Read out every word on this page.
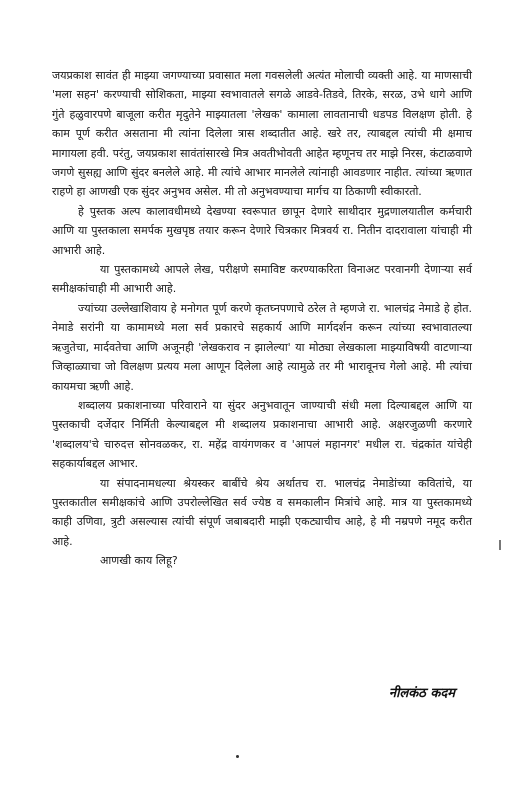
जयप्रकाश सावंत ही माझ्या जगण्याच्या प्रवासात मला गवसलेली अत्यंत मोलाची व्यक्ती आहे. या माणसाची 'मला सहन' करण्याची सोशिकता, माझ्या स्वभावातले सगळे आडवे-तिडवे, तिरके, सरळ, उभे धागे आणि गुंते हळुवारपणे बाजूला करीत मृदुतेने माझ्यातला 'लेखक' कामाला लावतानाची धडपड विलक्षण होती. हे काम पूर्ण करीत असताना मी त्यांना दिलेला त्रास शब्दातीत आहे. खरे तर, त्याबद्दल त्यांची मी क्षमाच मागायला हवी. परंतु, जयप्रकाश सावंतांसारखे मित्र अवतीभोवती आहेत म्हणूनच तर माझे निरस, कंटाळवाणे जगणे सुसह्य आणि सुंदर बनलेले आहे. मी त्यांचे आभार मानलेले त्यांनाही आवडणार नाहीत. त्यांच्या ऋणात राहणे हा आणखी एक सुंदर अनुभव असेल. मी तो अनुभवण्याचा मार्गच या ठिकाणी स्वीकारतो.

हे पुस्तक अल्प कालावधीमध्ये देखण्या स्वरूपात छापून देणारे साथीदार मुद्रणालयातील कर्मचारी आणि या पुस्तकाला समर्पक मुखपृष्ठ तयार करून देणारे चित्रकार मित्रवर्य रा. नितीन दादरावाला यांचाही मी आभारी आहे.

या पुस्तकामध्ये आपले लेख, परीक्षणे समाविष्ट करण्याकरिता विनाअट परवानगी देणाऱ्या सर्व समीक्षकांचाही मी आभारी आहे.

ज्यांच्या उल्लेखाशिवाय हे मनोगत पूर्ण करणे कृतघ्नपणाचे ठरेल ते म्हणजे रा. भालचंद्र नेमाडे हे होत. नेमाडे सरांनी या कामामध्ये मला सर्व प्रकारचे सहकार्य आणि मार्गदर्शन करून त्यांच्या स्वभावातल्या ऋजुतेचा, मार्दवतेचा आणि अजूनही 'लेखकराव न झालेल्या' या मोठ्या लेखकाला माझ्याविषयी वाटणाऱ्या जिव्हाळ्याचा जो विलक्षण प्रत्यय मला आणून दिलेला आहे त्यामुळे तर मी भारावूनच गेलो आहे. मी त्यांचा कायमचा ऋणी आहे.

शब्दालय प्रकाशनाच्या परिवाराने या सुंदर अनुभवातून जाण्याची संधी मला दिल्याबद्दल आणि या पुस्तकाची दर्जेदार निर्मिती केल्याबद्दल मी शब्दालय प्रकाशनाचा आभारी आहे. अक्षरजुळणी करणारे 'शब्दालय'चे चारुदत्त सोनवळकर, रा. महेंद्र वायंगणकर व 'आपलं महानगर' मधील रा. चंद्रकांत यांचेही सहकार्याबद्दल आभार.

या संपादनामधल्या श्रेयस्कर बाबींचे श्रेय अर्थातच रा. भालचंद्र नेमाडेांच्या कवितांचे, या पुस्तकातील समीक्षकांचे आणि उपरोल्लेखित सर्व ज्येष्ठ व समकालीन मित्रांचे आहे. मात्र या पुस्तकामध्ये काही उणिवा, त्रुटी असल्यास त्यांची संपूर्ण जबाबदारी माझी एकट्याचीच आहे, हे मी नम्रपणे नमूद करीत आहे.

आणखी काय लिहू?

नीलकंठ कदम
